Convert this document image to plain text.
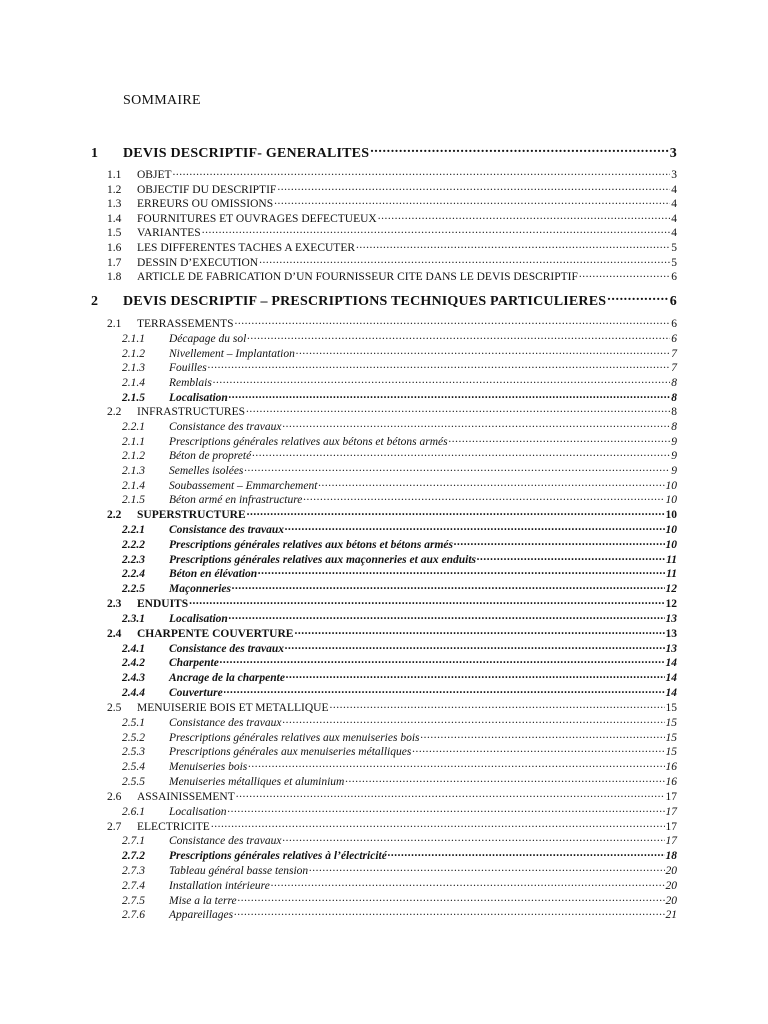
SOMMAIRE
1	DEVIS DESCRIPTIF- GENERALITES .....	3
1.1	OBJET .....	3
1.2	OBJECTIF DU DESCRIPTIF .....	4
1.3	ERREURS OU OMISSIONS .....	4
1.4	FOURNITURES ET OUVRAGES DEFECTUEUX .....	4
1.5	VARIANTES .....	4
1.6	LES DIFFERENTES TACHES A EXECUTER .....	5
1.7	DESSIN D’EXECUTION .....	5
1.8	ARTICLE DE FABRICATION D’UN FOURNISSEUR CITE DANS LE DEVIS DESCRIPTIF .....	6
2	DEVIS DESCRIPTIF – PRESCRIPTIONS TECHNIQUES PARTICULIERES .....	6
2.1	TERRASSEMENTS .....	6
2.1.1	Décapage du sol .....	6
2.1.2	Nivellement – Implantation .....	7
2.1.3	Fouilles .....	7
2.1.4	Remblais .....	8
2.1.5	Localisation .....	8
2.2	INFRASTRUCTURES .....	8
2.2.1	Consistance des travaux .....	8
2.1.1	Prescriptions générales relatives aux bétons et bétons armés .....	9
2.1.2	Béton de propreté .....	9
2.1.3	Semelles isolées .....	9
2.1.4	Soubassement – Emmarchement .....	10
2.1.5	Béton armé en infrastructure .....	10
2.2	SUPERSTRUCTURE .....	10
2.2.1	Consistance des travaux .....	10
2.2.2	Prescriptions générales relatives aux bétons et bétons armés .....	10
2.2.3	Prescriptions générales relatives aux maçonneries et aux enduits .....	11
2.2.4	Béton en élévation .....	11
2.2.5	Maçonneries .....	12
2.3	ENDUITS .....	12
2.3.1	Localisation .....	13
2.4	CHARPENTE COUVERTURE .....	13
2.4.1	Consistance des travaux .....	13
2.4.2	Charpente .....	14
2.4.3	Ancrage de la charpente .....	14
2.4.4	Couverture .....	14
2.5	MENUISERIE BOIS ET METALLIQUE .....	15
2.5.1	Consistance des travaux .....	15
2.5.2	Prescriptions générales relatives aux menuiseries bois .....	15
2.5.3	Prescriptions générales aux menuiseries métalliques .....	15
2.5.4	Menuiseries bois .....	16
2.5.5	Menuiseries métalliques et aluminium .....	16
2.6	ASSAINISSEMENT .....	17
2.6.1	Localisation .....	17
2.7	ELECTRICITE .....	17
2.7.1	Consistance des travaux .....	17
2.7.2	Prescriptions générales relatives à l’électricité .....	18
2.7.3	Tableau général basse tension .....	20
2.7.4	Installation intérieure .....	20
2.7.5	Mise a la terre .....	20
2.7.6	Appareillages .....	21
